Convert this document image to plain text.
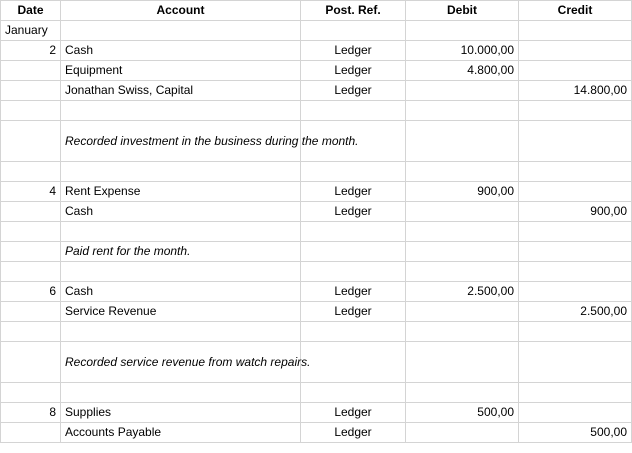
Date	Account	Post. Ref.	Debit	Credit
January				
2	Cash	Ledger	10.000,00	
	Equipment	Ledger	4.800,00	
	Jonathan Swiss, Capital	Ledger		14.800,00

	Recorded investment in the business during the month.			

4	Rent Expense	Ledger	900,00	
	Cash	Ledger		900,00

	Paid rent for the month.			

6	Cash	Ledger	2.500,00	
	Service Revenue	Ledger		2.500,00

	Recorded service revenue from watch repairs.			

8	Supplies	Ledger	500,00	
	Accounts Payable	Ledger		500,00
